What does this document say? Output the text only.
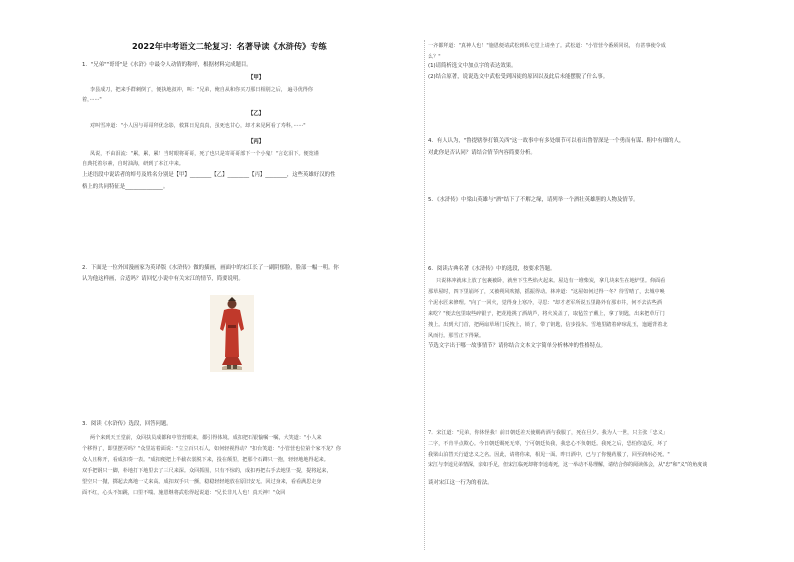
2022年中考语文二轮复习：名著导读《水浒传》专练
1．"兄弟""哥哥"是《水浒》中最令人动情的称呼，根据材料完成题目。
【甲】
李县成刀，把来手群刺倒了，便执地叔冲，叫："兄弟，俺自从和你买刀那日相别之后， 遍寻优得你
着，······"
【乙】
对叫雪冲道："小人因与哥哥拜优念影，救算日见真真，虽死也甘心，却才来见阿看了寿科，······"
【丙】
凤说，不由泪流："累，累，累！当时眼将哥哥，死了也只是寄哥哥部下一个小鬼！"言讫泪下。便宽谨
自典托着尔素，自时油海，研到了本江中来。
上述语段中说话者的绰号及姓名分别是【甲】________【乙】________【丙】________，这些英雄好汉的性
格上的共同特征是______________。
2．下面是一位外国漫画家为英译版《水浒传》做的插画，画面中的宋江长了一副阴郁脸，脸部一幅一明。你
认为他这样画，合适吗？请回忆小说中有关宋江的情节，简要说明。
3．阅读《水浒传》选段，回答问题。
两个来到天王堂前，众回扶员成都和中管营眼来，都引得体境。成扣把石银愉嘱一嘱，大笑道："小人来
个移得了，即里摆弄吗？"众里站着面说："立立百只石人，如何轻视得动？"扣台笑道："小管营也位第个家不龙？你
众人且称开，看成扣奏一表。"成扣便把上半截衣裳脱下来，投在颠里，把那个石蹲只一抱，轻轻地地得起来。
双手把钢只一脚，朴地打下地里去了三尺来深。众回抓围，只有不惊的，成扣再把右手去地里一提，提将起来，
望空只一抛，掷起去离地一丈来高。成扣双手只一颤，稳稳轻轻地放在原旧安无。回过身来，看看满思走身
面不红，心头不知跳，口里不喘。施恩继将武松得起说道："兄长非凡人也！真天神！"众回
一齐都拜道："真神人也！"施恩便请武松到私宅堂上请坐了。武松道："小管营今番须同说， 有甚事使令成
么？"
(1)请简析选文中加点字的表达效果。
(2)结合原著，说说选文中武松受到囚徒的原因以及此后未能摆脱了什么事。
4．有人认为，"鲁提辖拳打镇关西"这一故事中有多处细节可以看出鲁智深是一个勇而有谋、粗中有细的人，
对此你是否认同？请结合情节内容简要分析。
5．《水浒传》中梁山英雄与"酒"结下了不解之缘，请列举一个酒壮英雄胆的人物及情节。
6．阅读古典名著《水浒传》中的选段，按要求答题。
只说林冲就床上放了包裹被卧，就坐下生些焰火起来。屋边有一堆柴炭，拿几块来生在地炉里。仰面看
那草屋时，四下里崩坏了，又被朔风吹撼，摇振得动。林冲道："这屋如何过得一冬？待雪晴了，去城中唤
个泥水匠来修理。"向了一回火，觉得身上寒冷，寻思："却才老军所说五里路外有那市井，何不去沽些酒
来吃？"便去包里取些碎银子，把花枪挑了酒葫芦，将火炭盖了，取毡笠子戴上，拿了钥匙，出来把草厅门
拽上。出到大门首，把两扇草场门反拽上，锁了，带了钥匙，信步投东。雪地里踏着碎琼乱玉，迤逦背着北
风而行。那雪正下得紧。
节选文字出于哪一故事情节？请你结合文本文字简单分析林冲的性格特点。
7．宋江道："兄弟，你休怪我！前日朝廷差天使赐药酒与我服了，死在旦夕。我为人一世，只主张「忠义」
二字，不肯半点欺心。今日朝廷赐死无辜，宁可朝廷负我，我忠心不负朝廷。我死之后，恐怕你造反，坏了
我梁山泊替天行道忠义之名。因此，请将你来，相见一面。昨日酒中，已与了你慢药服了，回至润州必死。"
宋江与李逵兄弟情深，亲如手足，但宋江临死却将李逵毒死，这一举动不易理解，请结合你的阅读体会，从"忠"和"义"的角度谈
谈对宋江这一行为的看法。
